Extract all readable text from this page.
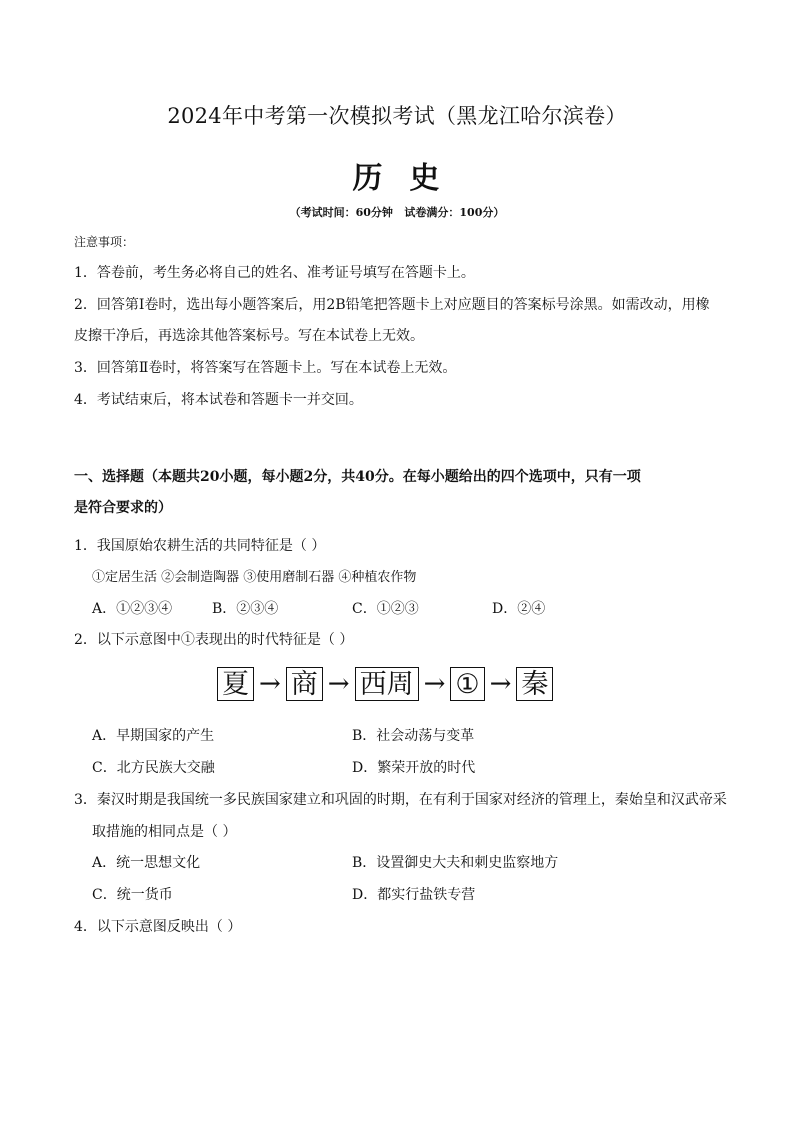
2024年中考第一次模拟考试（黑龙江哈尔滨卷）
历  史
（考试时间：60分钟   试卷满分：100分）
注意事项：
1．答卷前，考生务必将自己的姓名、准考证号填写在答题卡上。
2．回答第Ⅰ卷时，选出每小题答案后，用2B铅笔把答题卡上对应题目的答案标号涂黑。如需改动，用橡
皮擦干净后，再选涂其他答案标号。写在本试卷上无效。
3．回答第Ⅱ卷时，将答案写在答题卡上。写在本试卷上无效。
4．考试结束后，将本试卷和答题卡一并交回。
一、选择题（本题共20小题，每小题2分，共40分。在每小题给出的四个选项中，只有一项
是符合要求的）
1．我国原始农耕生活的共同特征是（ ）
①定居生活 ②会制造陶器 ③使用磨制石器 ④种植农作物
A．①②③④	B．②③④	C．①②③	D．②④
2．以下示意图中①表现出的时代特征是（ ）
夏 → 商 → 西周 → ① → 秦
A．早期国家的产生	B．社会动荡与变革
C．北方民族大交融	D．繁荣开放的时代
3．秦汉时期是我国统一多民族国家建立和巩固的时期，在有利于国家对经济的管理上，秦始皇和汉武帝采
取措施的相同点是（ ）
A．统一思想文化	B．设置御史大夫和刺史监察地方
C．统一货币	D．都实行盐铁专营
4．以下示意图反映出（ ）
